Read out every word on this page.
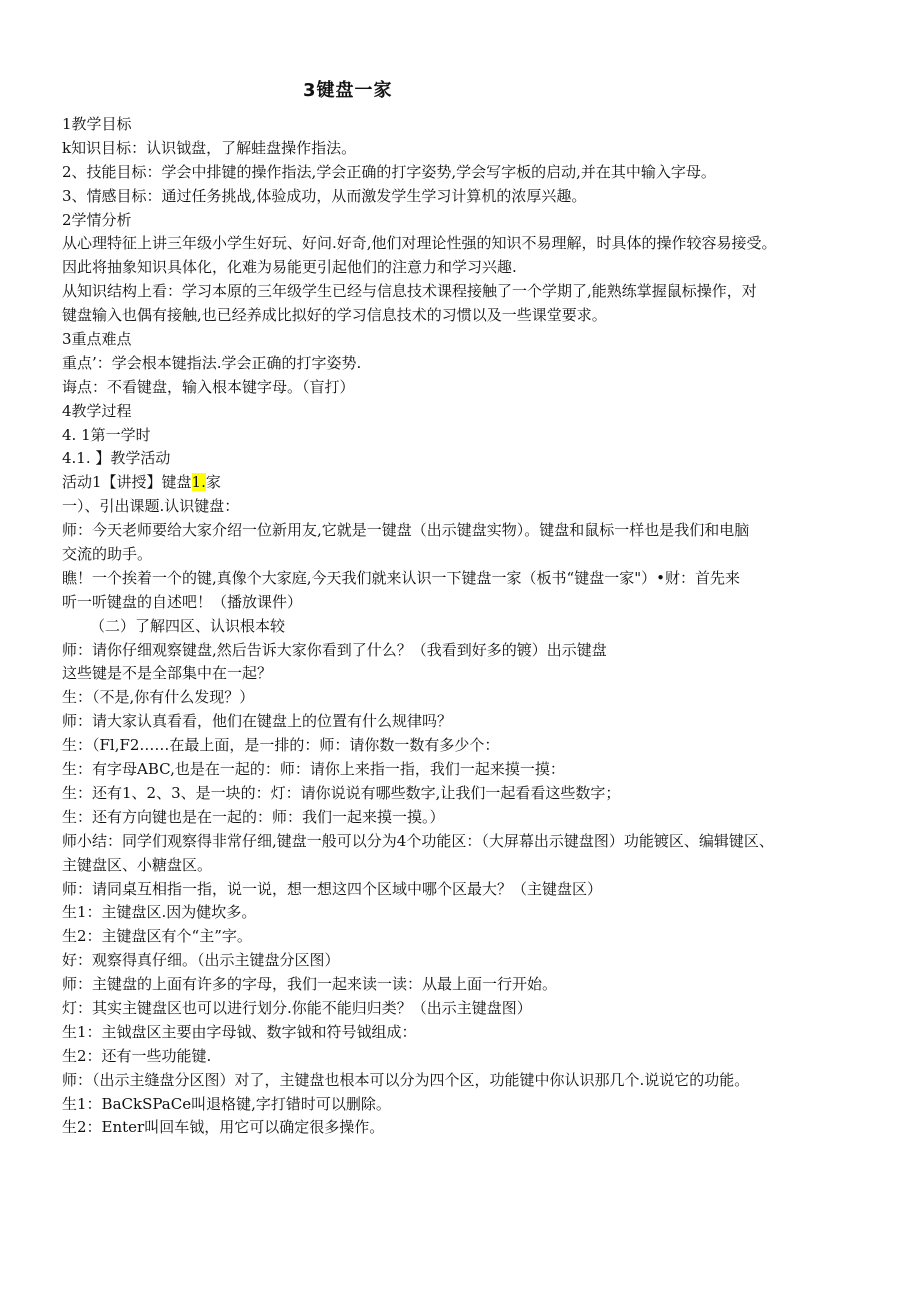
3键盘一家
1教学目标
k知识目标：认识钺盘，了解蛙盘操作指法。
2、技能目标：学会中排键的操作指法,学会正确的打字姿势,学会写字板的启动,并在其中输入字母。
3、情感目标：通过任务挑战,体验成功，从而激发学生学习计算机的浓厚兴趣。
2学情分析
从心理特征上讲三年级小学生好玩、好问.好奇,他们对理论性强的知识不易理解，时具体的操作较容易接受。
因此将抽象知识具体化，化难为易能更引起他们的注意力和学习兴趣.
从知识结构上看：学习本原的三年级学生已经与信息技术课程接触了一个学期了,能熟练掌握鼠标操作，对
键盘输入也偶有接触,也已经养成比拟好的学习信息技术的习惯以及一些课堂要求。
3重点难点
重点’：学会根本键指法.学会正确的打字姿势.
诲点：不看键盘，输入根本键字母。（盲打）
4教学过程
4. 1第一学时
4.1. 】教学活动
活动1【讲授】键盘1.家
一）、引出课题.认识键盘：
师：今天老师要给大家介绍一位新用友,它就是一键盘（出示键盘实物）。键盘和鼠标一样也是我们和电脑
交流的助手。
瞧！一个挨着一个的键,真像个大家庭,今天我们就来认识一下键盘一家（板书“键盘一家"）•财：首先来
听一听键盘的自述吧！（播放课件）
（二）了解四区、认识根本较
师：请你仔细观察键盘,然后告诉大家你看到了什么？（我看到好多的镀）出示键盘
这些键是不是全部集中在一起？
生：（不是,你有什么发现？）
师：请大家认真看看，他们在键盘上的位置有什么规律吗？
生：（Fl,F2……在最上面，是一排的：师：请你数一数有多少个：
生：有字母ABC,也是在一起的：师：请你上来指一指，我们一起来摸一摸：
生：还有1、2、3、是一块的：灯：请你说说有哪些数字,让我们一起看看这些数字；
生：还有方向键也是在一起的：师：我们一起来摸一摸。）
师小结：同学们观察得非常仔细,键盘一般可以分为4个功能区：（大屏幕出示键盘图）功能镀区、编辑键区、
主键盘区、小糖盘区。
师：请同桌互相指一指，说一说，想一想这四个区域中哪个区最大？（主键盘区）
生1：主键盘区.因为健坎多。
生2：主键盘区有个“主”字。
好：观察得真仔细。（出示主键盘分区图）
师：主键盘的上面有许多的字母，我们一起来读一读：从最上面一行开始。
灯：其实主键盘区也可以进行划分.你能不能归归类？（出示主键盘图）
生1：主钺盘区主要由字母钺、数字钺和符号钺组成：
生2：还有一些功能键.
师：（出示主缝盘分区图）对了，主键盘也根本可以分为四个区，功能键中你认识那几个.说说它的功能。
生1：BaCkSPaCe叫退格键,字打错时可以删除。
生2：Enter叫回车钺，用它可以确定很多操作。
